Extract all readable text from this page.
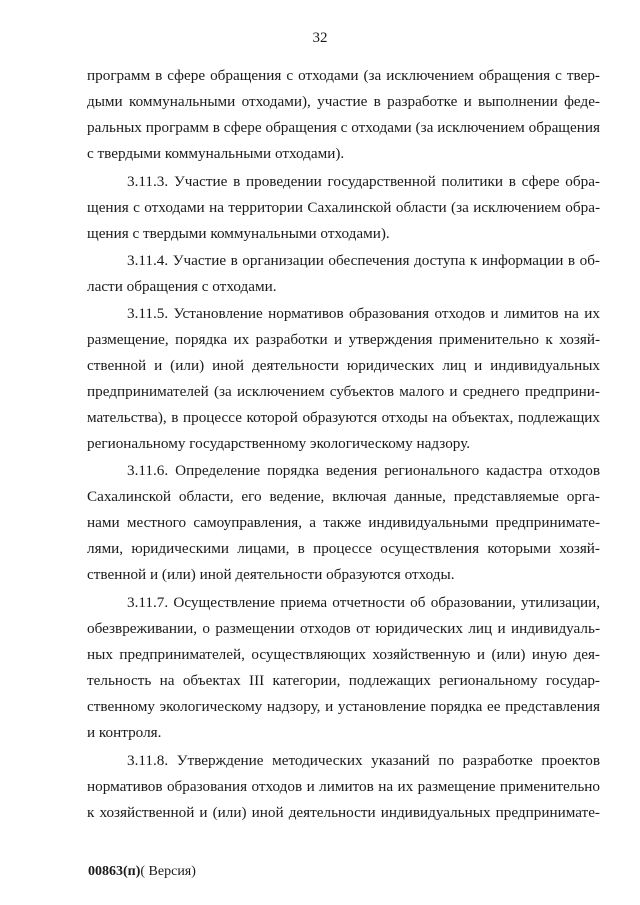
32
программ в сфере обращения с отходами (за исключением обращения с твер-
дыми коммунальными отходами), участие в разработке и выполнении феде-
ральных программ в сфере обращения с отходами (за исключением обращения
с твердыми коммунальными отходами).
3.11.3. Участие в проведении государственной политики в сфере обра-
щения с отходами на территории Сахалинской области (за исключением обра-
щения с твердыми коммунальными отходами).
3.11.4. Участие в организации обеспечения доступа к информации в об-
ласти обращения с отходами.
3.11.5. Установление нормативов образования отходов и лимитов на их
размещение, порядка их разработки и утверждения применительно к хозяй-
ственной и (или) иной деятельности юридических лиц и индивидуальных
предпринимателей (за исключением субъектов малого и среднего предприни-
мательства), в процессе которой образуются отходы на объектах, подлежащих
региональному государственному экологическому надзору.
3.11.6. Определение порядка ведения регионального кадастра отходов
Сахалинской области, его ведение, включая данные, представляемые орга-
нами местного самоуправления, а также индивидуальными предпринимате-
лями, юридическими лицами, в процессе осуществления которыми хозяй-
ственной и (или) иной деятельности образуются отходы.
3.11.7. Осуществление приема отчетности об образовании, утилизации,
обезвреживании, о размещении отходов от юридических лиц и индивидуаль-
ных предпринимателей, осуществляющих хозяйственную и (или) иную дея-
тельность на объектах III категории, подлежащих региональному государ-
ственному экологическому надзору, и установление порядка ее представления
и контроля.
3.11.8. Утверждение методических указаний по разработке проектов
нормативов образования отходов и лимитов на их размещение применительно
к хозяйственной и (или) иной деятельности индивидуальных предпринимате-
00863(п)( Версия)
